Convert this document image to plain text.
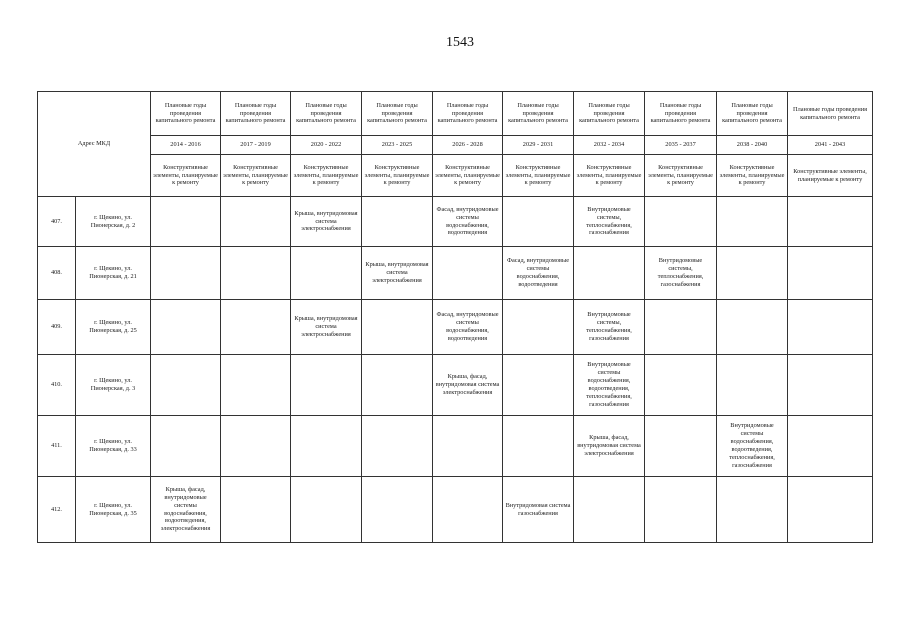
1543
Адрес МКД		Плановые годы проведения капитального ремонта	Плановые годы проведения капитального ремонта	Плановые годы проведения капитального ремонта	Плановые годы проведения капитального ремонта	Плановые годы проведения капитального ремонта	Плановые годы проведения капитального ремонта	Плановые годы проведения капитального ремонта	Плановые годы проведения капитального ремонта	Плановые годы проведения капитального ремонта	Плановые годы проведения капитального ремонта
		2014 - 2016	2017 - 2019	2020 - 2022	2023 - 2025	2026 - 2028	2029 - 2031	2032 - 2034	2035 - 2037	2038 - 2040	2041 - 2043
		Конструктивные элементы, планируемые к ремонту	Конструктивные элементы, планируемые к ремонту	Конструктивные элементы, планируемые к ремонту	Конструктивные элементы, планируемые к ремонту	Конструктивные элементы, планируемые к ремонту	Конструктивные элементы, планируемые к ремонту	Конструктивные элементы, планируемые к ремонту	Конструктивные элементы, планируемые к ремонту	Конструктивные элементы, планируемые к ремонту	Конструктивные элементы, планируемые к ремонту
407.	г. Щекино, ул. Пионерская, д. 2			Крыша, внутридомовая система электроснабжения		Фасад, внутридомовые системы водоснабжения, водоотведения		Внутридомовые системы, теплоснабжения, газоснабжения			
408.	г. Щекино, ул. Пионерская, д. 21				Крыша, внутридомовая система электроснабжения		Фасад, внутридомовые системы водоснабжения, водоотведения		Внутридомовые системы, теплоснабжения, газоснабжения		
409.	г. Щекино, ул. Пионерская, д. 25			Крыша, внутридомовая система электроснабжения		Фасад, внутридомовые системы водоснабжения, водоотведения		Внутридомовые системы, теплоснабжения, газоснабжения			
410.	г. Щекино, ул. Пионерская, д. 3					Крыша, фасад, внутридомовая система электроснабжения		Внутридомовые системы водоснабжения, водоотведения, теплоснабжения, газоснабжения			
411.	г. Щекино, ул. Пионерская, д. 33							Крыша, фасад, внутридомовая система электроснабжения		Внутридомовые системы водоснабжения, водоотведения, теплоснабжения, газоснабжения	
412.	г. Щекино, ул. Пионерская, д. 35	Крыша, фасад, внутридомовые системы водоснабжения, водоотведения, электроснабжения					Внутридомовая система газоснабжения				
